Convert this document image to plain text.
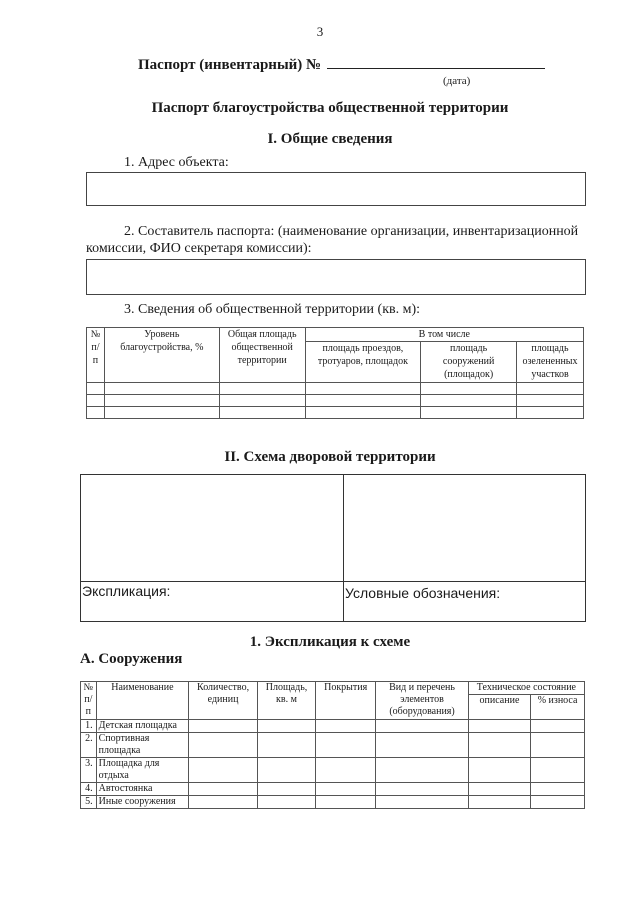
3
Паспорт (инвентарный) №
(дата)
Паспорт благоустройства общественной территории
I. Общие сведения
1. Адрес объекта:
2. Составитель паспорта: (наименование организации, инвентаризационной
комиссии, ФИО секретаря комиссии):
3. Сведения об общественной территории (кв. м):
№ п/п	Уровень благоустройства, %	Общая площадь общественной территории	В том числе		
			площадь проездов, тротуаров, площадок	площадь сооружений (площадок)	площадь озелененных участков

II. Схема дворовой территории
Экспликация:	Условные обозначения:
1. Экспликация к схеме
А. Сооружения
№ п/п	Наименование	Количество, единиц	Площадь, кв. м	Покрытия	Вид и перечень элементов (оборудования)	Техническое состояние	
						описание	% износа
1.	Детская площадка						
2.	Спортивная площадка						
3.	Площадка для отдыха						
4.	Автостоянка						
5.	Иные сооружения						
